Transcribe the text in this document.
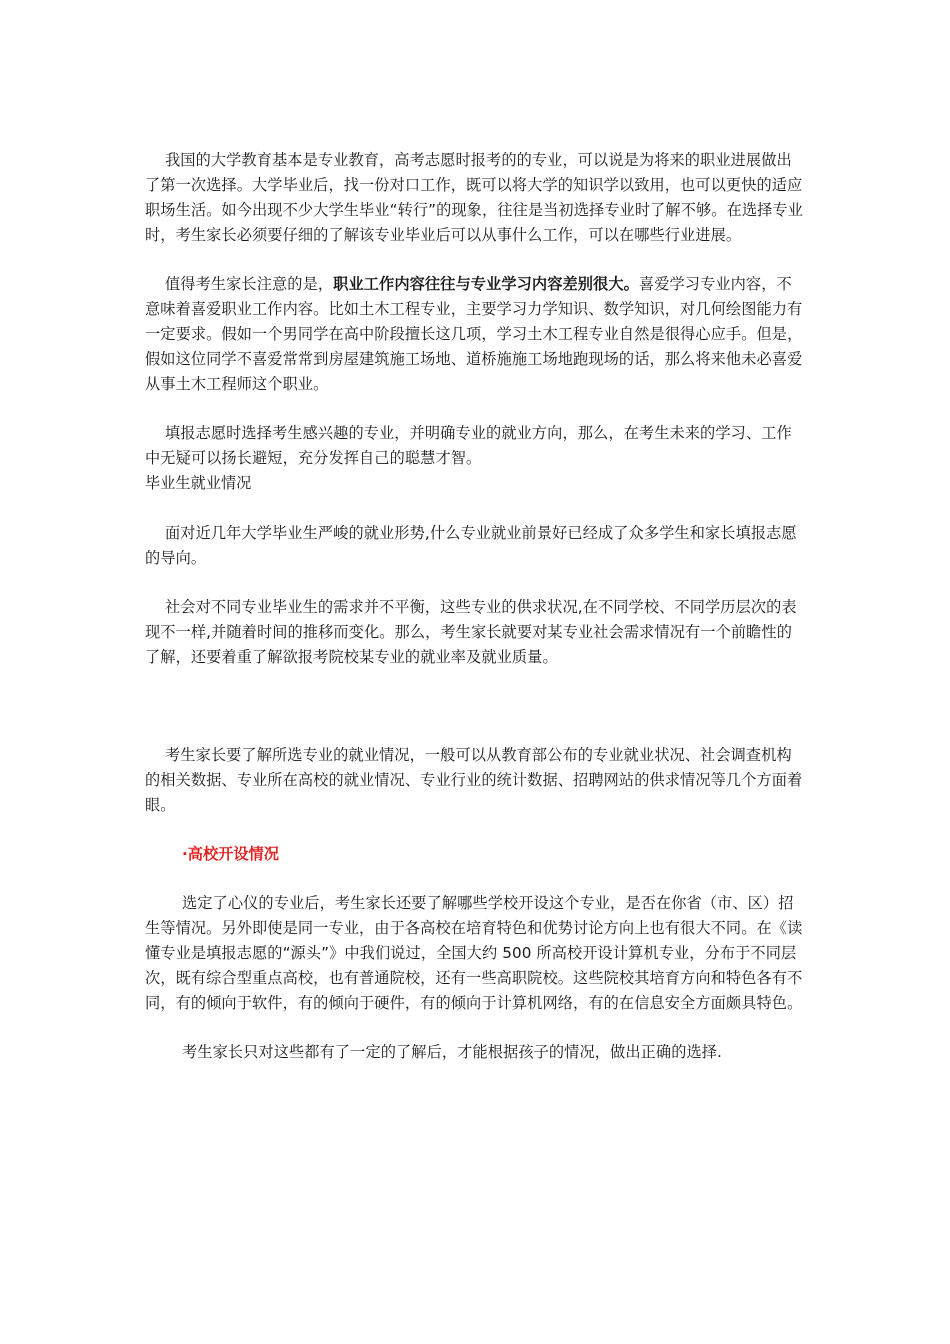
我国的大学教育基本是专业教育，高考志愿时报考的的专业，可以说是为将来的职业进展做出了第一次选择。大学毕业后，找一份对口工作，既可以将大学的知识学以致用，也可以更快的适应职场生活。如今出现不少大学生毕业“转行”的现象，往往是当初选择专业时了解不够。在选择专业时，考生家长必须要仔细的了解该专业毕业后可以从事什么工作，可以在哪些行业进展。

值得考生家长注意的是，职业工作内容往往与专业学习内容差别很大。喜爱学习专业内容，不意味着喜爱职业工作内容。比如土木工程专业，主要学习力学知识、数学知识，对几何绘图能力有一定要求。假如一个男同学在高中阶段擅长这几项，学习土木工程专业自然是很得心应手。但是，假如这位同学不喜爱常常到房屋建筑施工场地、道桥施施工场地跑现场的话，那么将来他未必喜爱从事土木工程师这个职业。

填报志愿时选择考生感兴趣的专业，并明确专业的就业方向，那么，在考生未来的学习、工作中无疑可以扬长避短，充分发挥自己的聪慧才智。

毕业生就业情况

面对近几年大学毕业生严峻的就业形势,什么专业就业前景好已经成了众多学生和家长填报志愿的导向。

社会对不同专业毕业生的需求并不平衡，这些专业的供求状况,在不同学校、不同学历层次的表现不一样,并随着时间的推移而变化。那么，考生家长就要对某专业社会需求情况有一个前瞻性的了解，还要着重了解欲报考院校某专业的就业率及就业质量。

考生家长要了解所选专业的就业情况，一般可以从教育部公布的专业就业状况、社会调查机构的相关数据、专业所在高校的就业情况、专业行业的统计数据、招聘网站的供求情况等几个方面着眼。

·高校开设情况

选定了心仪的专业后，考生家长还要了解哪些学校开设这个专业，是否在你省（市、区）招生等情况。另外即使是同一专业，由于各高校在培育特色和优势讨论方向上也有很大不同。在《读懂专业是填报志愿的“源头”》中我们说过，全国大约 500 所高校开设计算机专业，分布于不同层次，既有综合型重点高校，也有普通院校，还有一些高职院校。这些院校其培育方向和特色各有不同，有的倾向于软件，有的倾向于硬件，有的倾向于计算机网络，有的在信息安全方面颇具特色。

考生家长只对这些都有了一定的了解后，才能根据孩子的情况，做出正确的选择.
